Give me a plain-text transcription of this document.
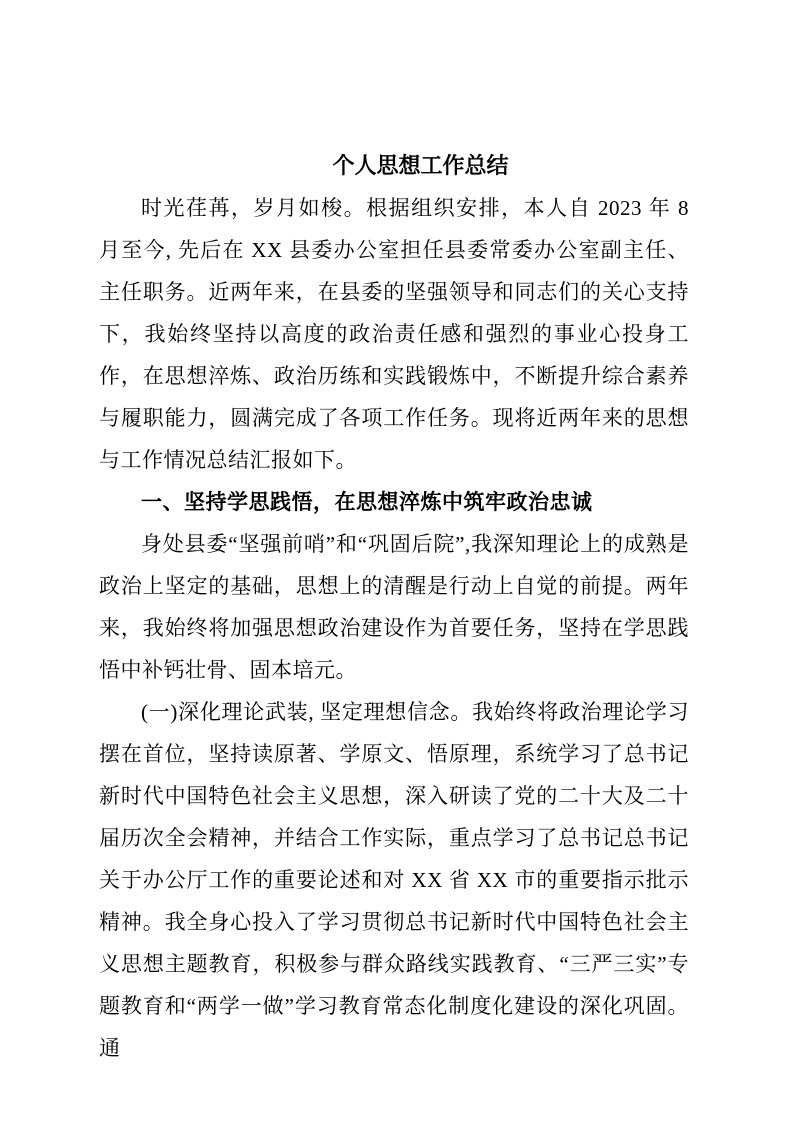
个人思想工作总结

时光荏苒，岁月如梭。根据组织安排，本人自 2023 年 8 月至今, 先后在 XX 县委办公室担任县委常委办公室副主任、主任职务。近两年来，在县委的坚强领导和同志们的关心支持下，我始终坚持以高度的政治责任感和强烈的事业心投身工作，在思想淬炼、政治历练和实践锻炼中，不断提升综合素养与履职能力，圆满完成了各项工作任务。现将近两年来的思想与工作情况总结汇报如下。

一、坚持学思践悟，在思想淬炼中筑牢政治忠诚

身处县委“坚强前哨”和“巩固后院”,我深知理论上的成熟是政治上坚定的基础，思想上的清醒是行动上自觉的前提。两年来，我始终将加强思想政治建设作为首要任务，坚持在学思践悟中补钙壮骨、固本培元。

(一)深化理论武装, 坚定理想信念。我始终将政治理论学习摆在首位，坚持读原著、学原文、悟原理，系统学习了总书记新时代中国特色社会主义思想，深入研读了党的二十大及二十届历次全会精神，并结合工作实际，重点学习了总书记总书记关于办公厅工作的重要论述和对 XX 省 XX 市的重要指示批示精神。我全身心投入了学习贯彻总书记新时代中国特色社会主义思想主题教育，积极参与群众路线实践教育、“三严三实”专题教育和“两学一做”学习教育常态化制度化建设的深化巩固。通
